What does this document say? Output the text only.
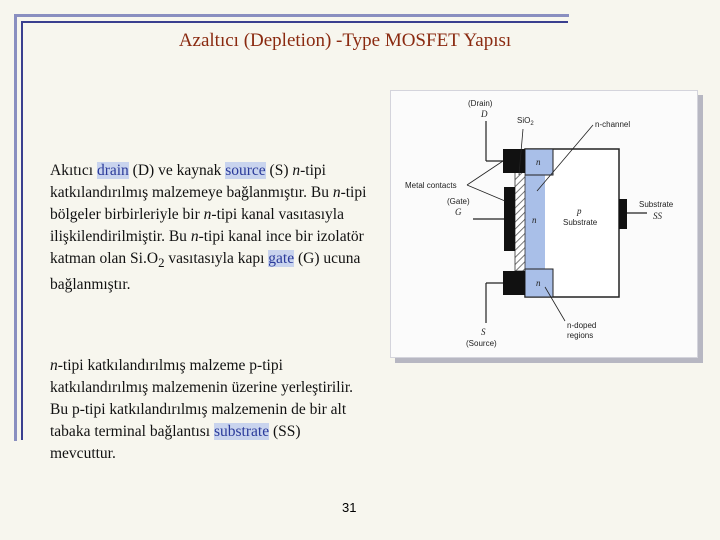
Azaltıcı (Depletion) -Type MOSFET Yapısı

Akıtıcı drain (D) ve kaynak source (S) n-tipi katkılandırılmış malzemeye bağlanmıştır. Bu n-tipi bölgeler birbirleriyle bir n-tipi kanal vasıtasıyla ilişkilendirilmiştir. Bu n-tipi kanal ince bir izolatör katman olan $Si.O_2$ vasıtasıyla kapı gate (G) ucuna bağlanmıştır.

n-tipi katkılandırılmış malzeme p-tipi katkılandırılmış malzemenin üzerine yerleştirilir. Bu p-tipi katkılandırılmış malzemenin de bir alt tabaka terminal bağlantısı substrate (SS) mevcuttur.

31
(Drain)
D
SiO$_2$	n-channel
Metal contacts
(Gate)
G
n
n
n
p
Substrate
Substrate
SS
S
(Source)
n-doped
regions
